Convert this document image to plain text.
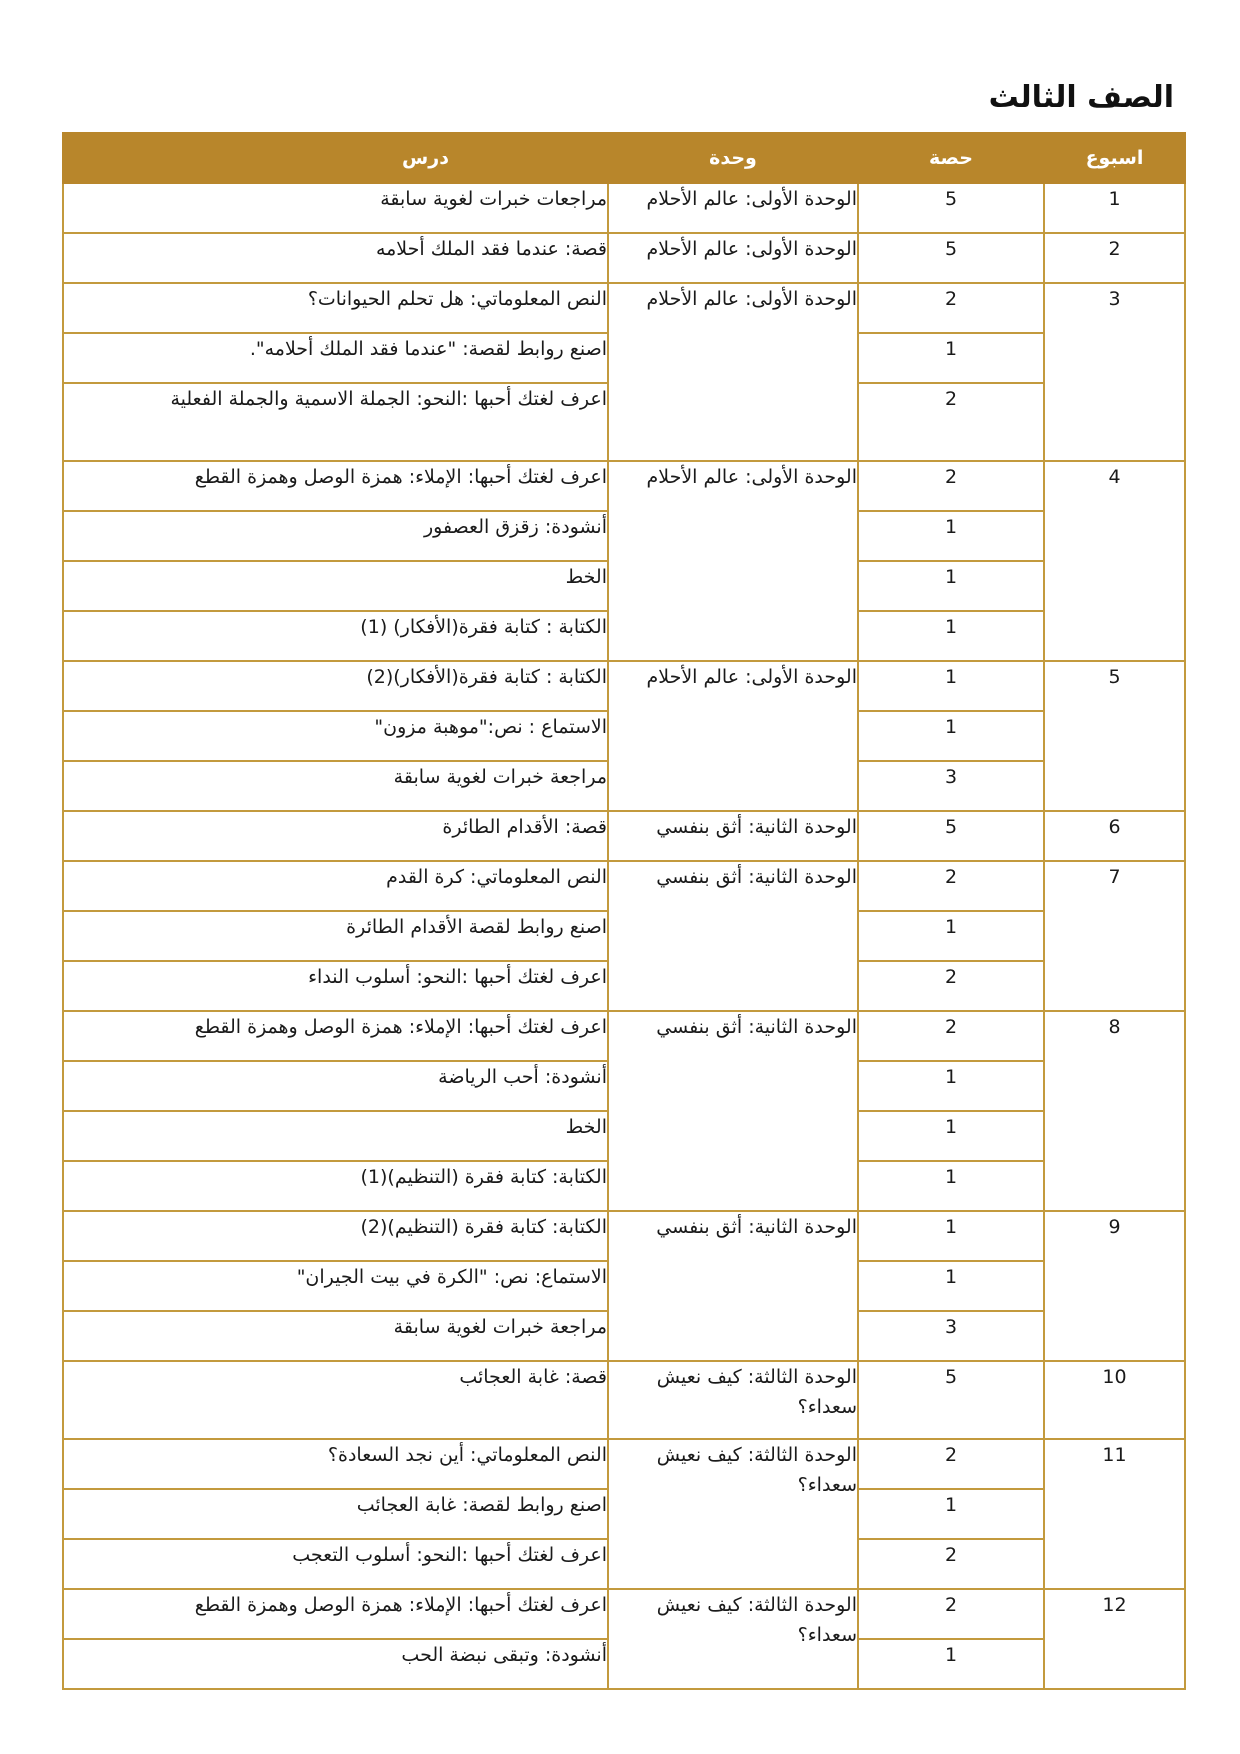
الصف الثالث
اسبوع	حصة	وحدة	درس
1	5	الوحدة الأولى: عالم الأحلام	مراجعات خبرات لغوية سابقة
2	5	الوحدة الأولى: عالم الأحلام	قصة: عندما فقد الملك أحلامه
3	2	الوحدة الأولى: عالم الأحلام	النص المعلوماتي: هل تحلم الحيوانات؟
	1		اصنع روابط لقصة: "عندما فقد الملك أحلامه".
	2		اعرف لغتك أحبها :النحو: الجملة الاسمية والجملة الفعلية
4	2	الوحدة الأولى: عالم الأحلام	اعرف لغتك أحبها: الإملاء: همزة الوصل وهمزة القطع
	1		أنشودة: زقزق العصفور
	1		الخط
	1		الكتابة : كتابة فقرة(الأفكار) (1)
5	1	الوحدة الأولى: عالم الأحلام	الكتابة : كتابة فقرة(الأفكار)(2)
	1		الاستماع : نص:"موهبة مزون"
	3		مراجعة خبرات لغوية سابقة
6	5	الوحدة الثانية: أثق بنفسي	قصة: الأقدام الطائرة
7	2	الوحدة الثانية: أثق بنفسي	النص المعلوماتي: كرة القدم
	1		اصنع روابط لقصة الأقدام الطائرة
	2		اعرف لغتك أحبها :النحو: أسلوب النداء
8	2	الوحدة الثانية: أثق بنفسي	اعرف لغتك أحبها: الإملاء: همزة الوصل وهمزة القطع
	1		أنشودة: أحب الرياضة
	1		الخط
	1		الكتابة: كتابة فقرة (التنظيم)(1)
9	1	الوحدة الثانية: أثق بنفسي	الكتابة: كتابة فقرة (التنظيم)(2)
	1		الاستماع: نص: "الكرة في بيت الجيران"
	3		مراجعة خبرات لغوية سابقة
10	5	الوحدة الثالثة: كيف نعيش سعداء؟	قصة: غابة العجائب
11	2	الوحدة الثالثة: كيف نعيش سعداء؟	النص المعلوماتي: أين نجد السعادة؟
	1		اصنع روابط لقصة: غابة العجائب
	2		اعرف لغتك أحبها :النحو: أسلوب التعجب
12	2	الوحدة الثالثة: كيف نعيش سعداء؟	اعرف لغتك أحبها: الإملاء: همزة الوصل وهمزة القطع
	1		أنشودة: وتبقى نبضة الحب
